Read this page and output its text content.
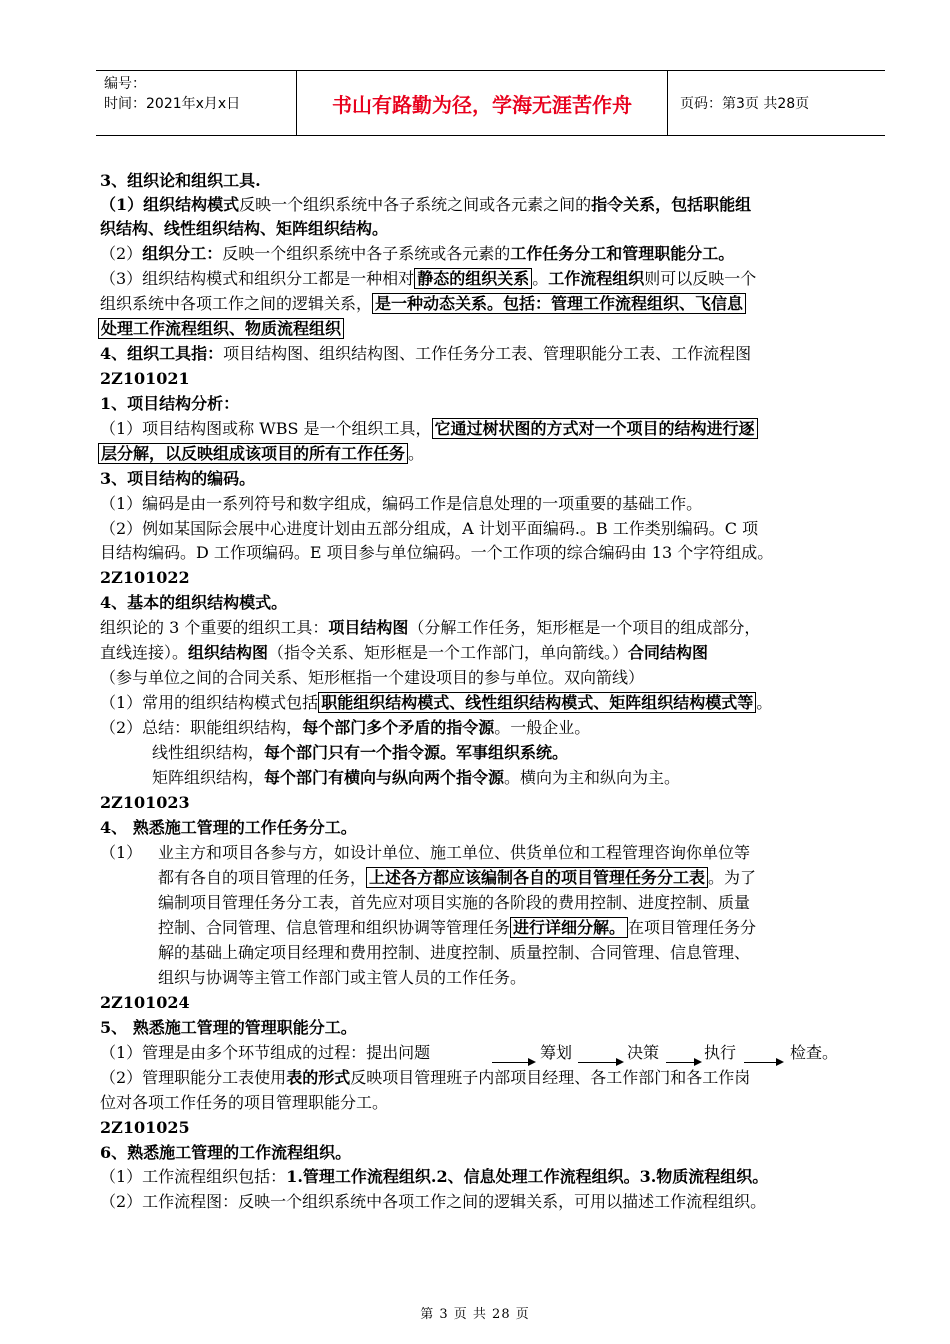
编号：
时间：2021年x月x日	书山有路勤为径，学海无涯苦作舟	页码：第3页 共28页
3、组织论和组织工具.
（1）组织结构模式反映一个组织系统中各子系统之间或各元素之间的指令关系，包括职能组
织结构、线性组织结构、矩阵组织结构。
（2）组织分工：反映一个组织系统中各子系统或各元素的工作任务分工和管理职能分工。
（3）组织结构模式和组织分工都是一种相对 静态的组织关系 。工作流程组织则可以反映一个
组织系统中各项工作之间的逻辑关系， 是一种动态关系。包括：管理工作流程组织、飞信息
处理工作流程组织、物质流程组织
4、组织工具指：项目结构图、组织结构图、工作任务分工表、管理职能分工表、工作流程图
2Z101021
1、项目结构分析：
（1）项目结构图或称 WBS 是一个组织工具， 它通过树状图的方式对一个项目的结构进行逐
层分解，以反映组成该项目的所有工作任务 。
3、项目结构的编码。
（1）编码是由一系列符号和数字组成，编码工作是信息处理的一项重要的基础工作。
（2）例如某国际会展中心进度计划由五部分组成，A 计划平面编码.。B 工作类别编码。C 项
目结构编码。D 工作项编码。E 项目参与单位编码。一个工作项的综合编码由 13 个字符组成。
2Z101022
4、基本的组织结构模式。
组织论的 3 个重要的组织工具：项目结构图（分解工作任务，矩形框是一个项目的组成部分，
直线连接）。组织结构图（指令关系、矩形框是一个工作部门，单向箭线。）合同结构图
（参与单位之间的合同关系、矩形框指一个建设项目的参与单位。双向箭线）
（1）常用的组织结构模式包括 职能组织结构模式、线性组织结构模式、矩阵组织结构模式等 。
（2）总结：职能组织结构，每个部门多个矛盾的指令源。一般企业。
线性组织结构，每个部门只有一个指令源。军事组织系统。
矩阵组织结构，每个部门有横向与纵向两个指令源。横向为主和纵向为主。
2Z101023
4、 熟悉施工管理的工作任务分工。
（1） 业主方和项目各参与方，如设计单位、施工单位、供货单位和工程管理咨询你单位等
都有各自的项目管理的任务， 上述各方都应该编制各自的项目管理任务分工表 。为了
编制项目管理任务分工表，首先应对项目实施的各阶段的费用控制、进度控制、质量
控制、合同管理、信息管理和组织协调等管理任务 进行详细分解。 在项目管理任务分
解的基础上确定项目经理和费用控制、进度控制、质量控制、合同管理、信息管理、
组织与协调等主管工作部门或主管人员的工作任务。
2Z101024
5、 熟悉施工管理的管理职能分工。
（1）管理是由多个环节组成的过程：提出问题	筹划	决策	执行	检查。
（2）管理职能分工表使用表的形式反映项目管理班子内部项目经理、各工作部门和各工作岗
位对各项工作任务的项目管理职能分工。
2Z101025
6、熟悉施工管理的工作流程组织。
（1）工作流程组织包括：1.管理工作流程组织.2、信息处理工作流程组织。3.物质流程组织。
（2）工作流程图：反映一个组织系统中各项工作之间的逻辑关系，可用以描述工作流程组织。
第 3 页 共 28 页
